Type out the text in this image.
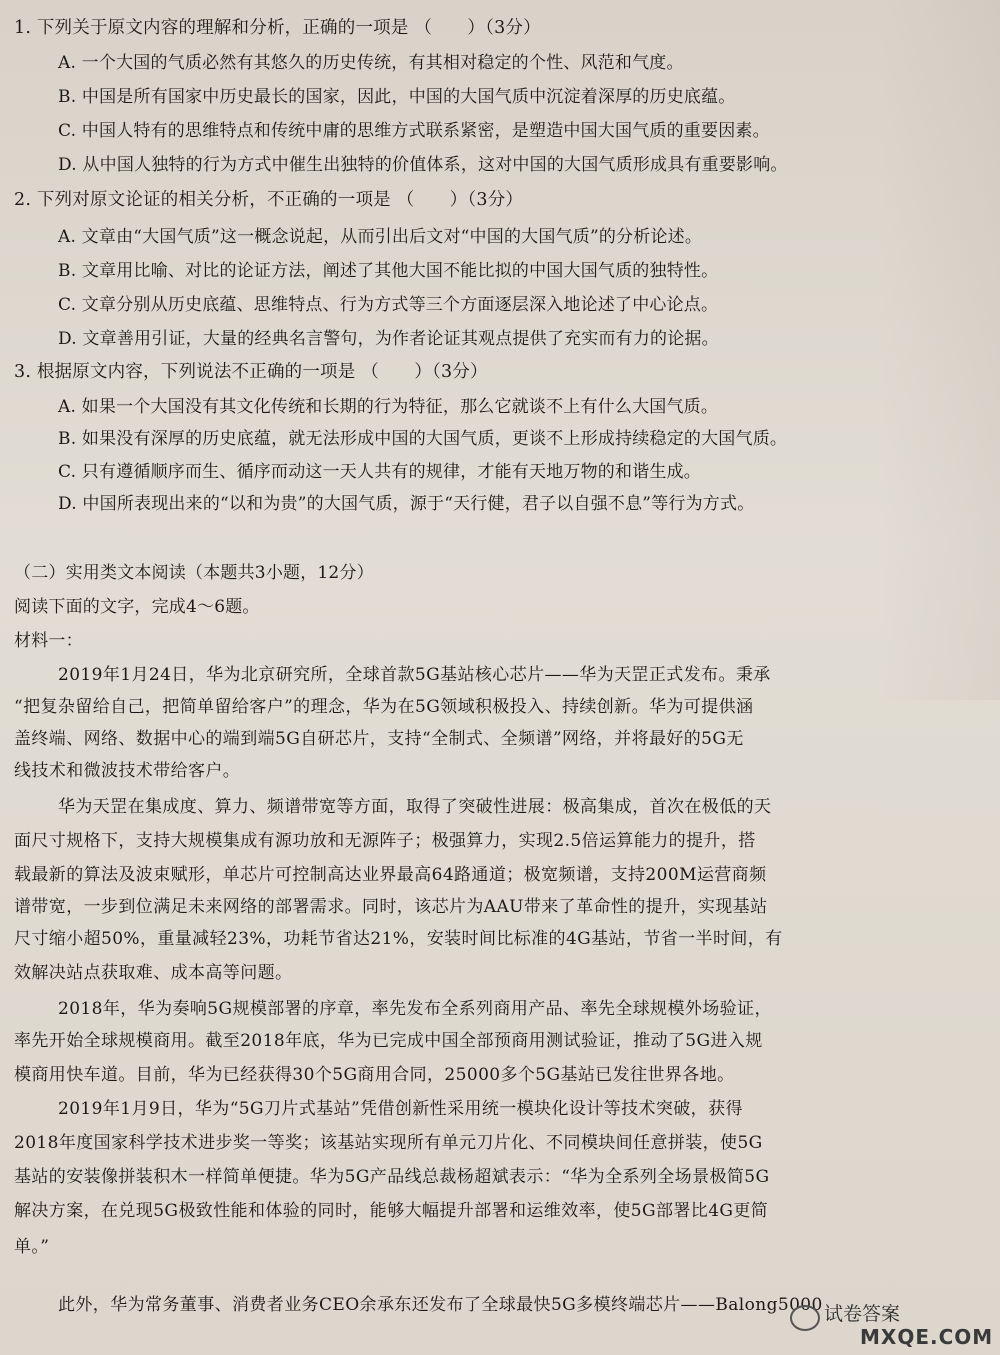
1. 下列关于原文内容的理解和分析，正确的一项是 （　　）（3分）
A. 一个大国的气质必然有其悠久的历史传统，有其相对稳定的个性、风范和气度。
B. 中国是所有国家中历史最长的国家，因此，中国的大国气质中沉淀着深厚的历史底蕴。
C. 中国人特有的思维特点和传统中庸的思维方式联系紧密，是塑造中国大国气质的重要因素。
D. 从中国人独特的行为方式中催生出独特的价值体系，这对中国的大国气质形成具有重要影响。
2. 下列对原文论证的相关分析，不正确的一项是 （　　）（3分）
A. 文章由“大国气质”这一概念说起，从而引出后文对“中国的大国气质”的分析论述。
B. 文章用比喻、对比的论证方法，阐述了其他大国不能比拟的中国大国气质的独特性。
C. 文章分别从历史底蕴、思维特点、行为方式等三个方面逐层深入地论述了中心论点。
D. 文章善用引证，大量的经典名言警句，为作者论证其观点提供了充实而有力的论据。
3. 根据原文内容，下列说法不正确的一项是 （　　）（3分）
A. 如果一个大国没有其文化传统和长期的行为特征，那么它就谈不上有什么大国气质。
B. 如果没有深厚的历史底蕴，就无法形成中国的大国气质，更谈不上形成持续稳定的大国气质。
C. 只有遵循顺序而生、循序而动这一天人共有的规律，才能有天地万物的和谐生成。
D. 中国所表现出来的“以和为贵”的大国气质，源于“天行健，君子以自强不息”等行为方式。
（二）实用类文本阅读（本题共3小题，12分）
阅读下面的文字，完成4～6题。
材料一：
2019年1月24日，华为北京研究所，全球首款5G基站核心芯片——华为天罡正式发布。秉承
“把复杂留给自己，把简单留给客户”的理念，华为在5G领域积极投入、持续创新。华为可提供涵
盖终端、网络、数据中心的端到端5G自研芯片，支持“全制式、全频谱”网络，并将最好的5G无
线技术和微波技术带给客户。
华为天罡在集成度、算力、频谱带宽等方面，取得了突破性进展：极高集成，首次在极低的天
面尺寸规格下，支持大规模集成有源功放和无源阵子；极强算力，实现2.5倍运算能力的提升，搭
载最新的算法及波束赋形，单芯片可控制高达业界最高64路通道；极宽频谱，支持200M运营商频
谱带宽，一步到位满足未来网络的部署需求。同时，该芯片为AAU带来了革命性的提升，实现基站
尺寸缩小超50%，重量减轻23%，功耗节省达21%，安装时间比标准的4G基站，节省一半时间，有
效解决站点获取难、成本高等问题。
2018年，华为奏响5G规模部署的序章，率先发布全系列商用产品、率先全球规模外场验证，
率先开始全球规模商用。截至2018年底，华为已完成中国全部预商用测试验证，推动了5G进入规
模商用快车道。目前，华为已经获得30个5G商用合同，25000多个5G基站已发往世界各地。
2019年1月9日，华为“5G刀片式基站”凭借创新性采用统一模块化设计等技术突破，获得
2018年度国家科学技术进步奖一等奖；该基站实现所有单元刀片化、不同模块间任意拼装，使5G
基站的安装像拼装积木一样简单便捷。华为5G产品线总裁杨超斌表示：“华为全系列全场景极简5G
解决方案，在兑现5G极致性能和体验的同时，能够大幅提升部署和运维效率，使5G部署比4G更简
单。”
此外，华为常务董事、消费者业务CEO余承东还发布了全球最快5G多模终端芯片——Balong5000 试卷答案
MXQE.COM
